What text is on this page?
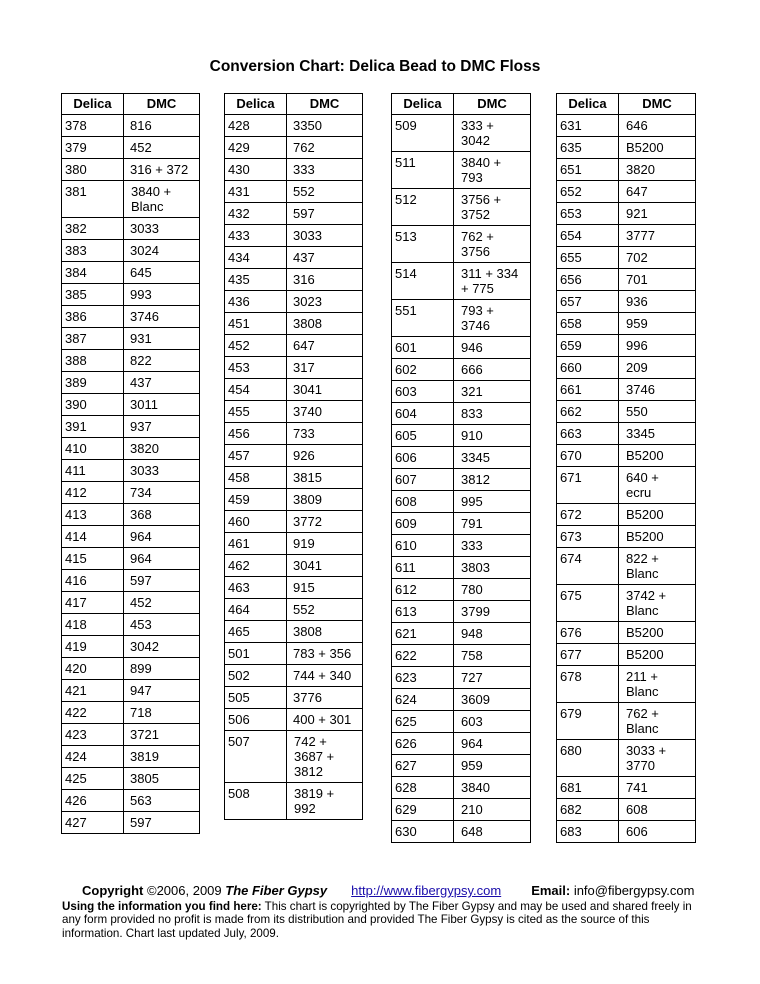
Conversion Chart: Delica Bead to DMC Floss
Delica	DMC

378	816

379	452

380	316 + 372

381	3840 +
Blanc

382	3033

383	3024

384	645

385	993

386	3746

387	931

388	822

389	437

390	3011

391	937

410	3820

411	3033

412	734

413	368

414	964

415	964

416	597

417	452

418	453

419	3042

420	899

421	947

422	718

423	3721

424	3819

425	3805

426	563

427	597
Delica	DMC

428	3350

429	762

430	333

431	552

432	597

433	3033

434	437

435	316

436	3023

451	3808

452	647

453	317

454	3041

455	3740

456	733

457	926

458	3815

459	3809

460	3772

461	919

462	3041

463	915

464	552

465	3808

501	783 + 356

502	744 + 340

505	3776

506	400 + 301

507	742 +
3687 +
3812

508	3819 +
992
Delica	DMC

509	333 +
3042

511	3840 +
793

512	3756 +
3752

513	762 +
3756

514	311 + 334
+ 775

551	793 +
3746

601	946

602	666

603	321

604	833

605	910

606	3345

607	3812

608	995

609	791

610	333

611	3803

612	780

613	3799

621	948

622	758

623	727

624	3609

625	603

626	964

627	959

628	3840

629	210

630	648
Delica	DMC

631	646

635	B5200

651	3820

652	647

653	921

654	3777

655	702

656	701

657	936

658	959

659	996

660	209

661	3746

662	550

663	3345

670	B5200

671	640 +
ecru

672	B5200

673	B5200

674	822 +
Blanc

675	3742 +
Blanc

676	B5200

677	B5200

678	211 +
Blanc

679	762 +
Blanc

680	3033 +
3770

681	741

682	608

683	606
Copyright ©2006, 2009 The Fiber Gypsy http://www.fibergypsy.com Email: info@fibergypsy.com
Using the information you find here: This chart is copyrighted by The Fiber Gypsy and may be used and shared freely in any form provided no profit is made from its distribution and provided The Fiber Gypsy is cited as the source of this information. Chart last updated July, 2009.
